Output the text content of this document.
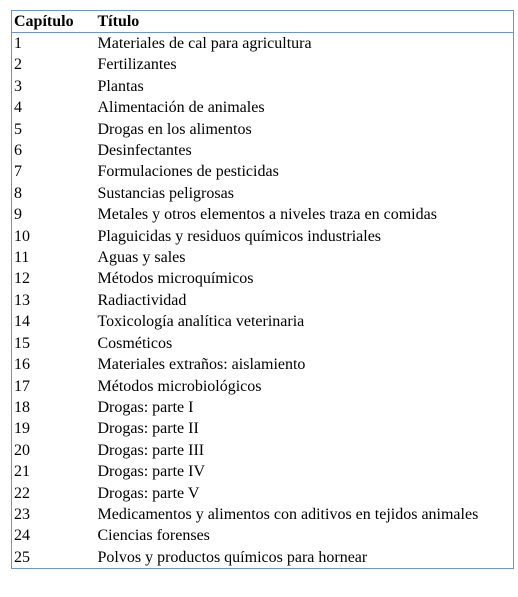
Capítulo	Título
1	Materiales de cal para agricultura
2	Fertilizantes
3	Plantas
4	Alimentación de animales
5	Drogas en los alimentos
6	Desinfectantes
7	Formulaciones de pesticidas
8	Sustancias peligrosas
9	Metales y otros elementos a niveles traza en comidas
10	Plaguicidas y residuos químicos industriales
11	Aguas y sales
12	Métodos microquímicos
13	Radiactividad
14	Toxicología analítica veterinaria
15	Cosméticos
16	Materiales extraños: aislamiento
17	Métodos microbiológicos
18	Drogas: parte I
19	Drogas: parte II
20	Drogas: parte III
21	Drogas: parte IV
22	Drogas: parte V
23	Medicamentos y alimentos con aditivos en tejidos animales
24	Ciencias forenses
25	Polvos y productos químicos para hornear
